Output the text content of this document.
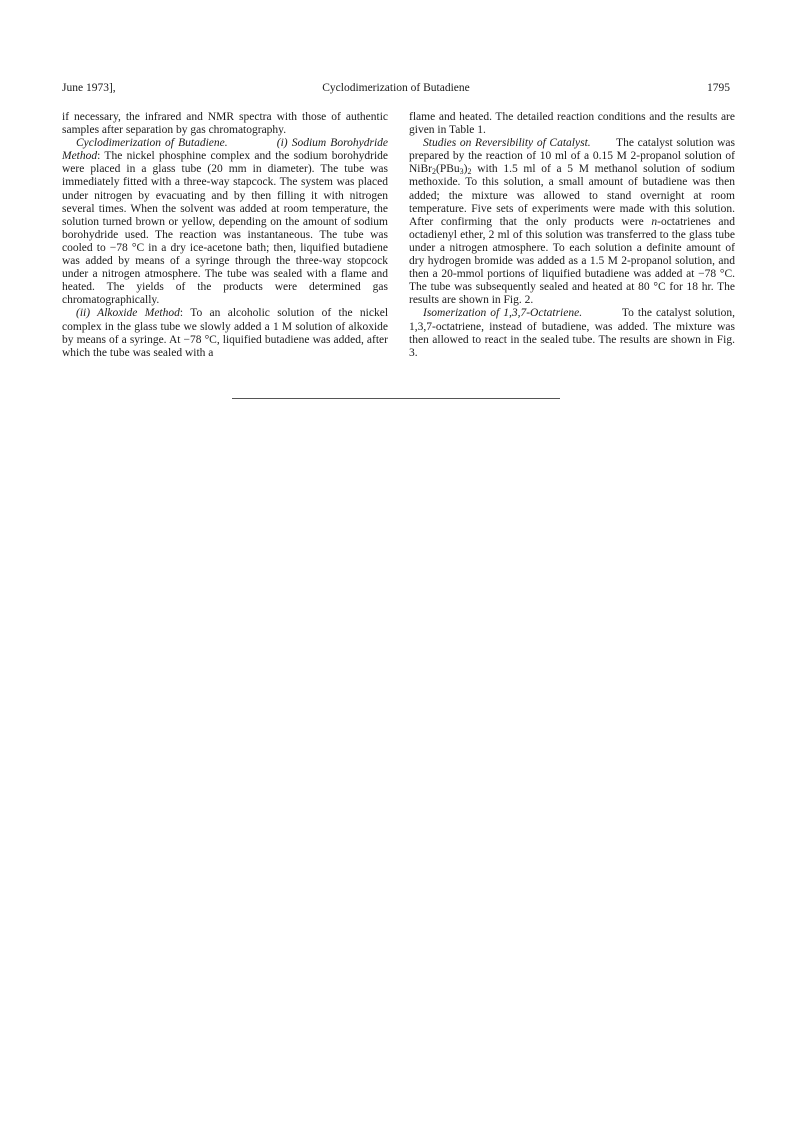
June 1973],	Cyclodimerization of Butadiene	1795

if necessary, the infrared and NMR spectra with those of authentic samples after separation by gas chromatography.

Cyclodimerization of Butadiene.	(i) Sodium Borohydride Method: The nickel phosphine complex and the sodium borohydride were placed in a glass tube (20 mm in diameter). The tube was immediately fitted with a three-way stapcock. The system was placed under nitrogen by evacuating and by then filling it with nitrogen several times. When the solvent was added at room temperature, the solution turned brown or yellow, depending on the amount of sodium borohydride used. The reaction was instantaneous. The tube was cooled to −78 °C in a dry ice-acetone bath; then, liquified butadiene was added by means of a syringe through the three-way stopcock under a nitrogen atmosphere. The tube was sealed with a flame and heated. The yields of the products were determined gas chromatographically.

(ii) Alkoxide Method: To an alcoholic solution of the nickel complex in the glass tube we slowly added a 1 M solution of alkoxide by means of a syringe. At −78 °C, liquified butadiene was added, after which the tube was sealed with a

flame and heated. The detailed reaction conditions and the results are given in Table 1.

Studies on Reversibility of Catalyst.       The catalyst solution was prepared by the reaction of 10 ml of a 0.15 M 2-propanol solution of $NiBr_2(PBu_3)_2$ with 1.5 ml of a 5 M methanol solution of sodium methoxide. To this solution, a small amount of butadiene was then added; the mixture was allowed to stand overnight at room temperature. Five sets of experiments were made with this solution. After confirming that the only products were n-octatrienes and octadienyl ether, 2 ml of this solution was transferred to the glass tube under a nitrogen atmosphere. To each solution a definite amount of dry hydrogen bromide was added as a 1.5 M 2-propanol solution, and then a 20-mmol portions of liquified butadiene was added at −78 °C. The tube was subsequently sealed and heated at 80 °C for 18 hr. The results are shown in Fig. 2.

Isomerization of 1,3,7-Octatriene.	To the catalyst solution, 1,3,7-octatriene, instead of butadiene, was added. The mixture was then allowed to react in the sealed tube. The results are shown in Fig. 3.
